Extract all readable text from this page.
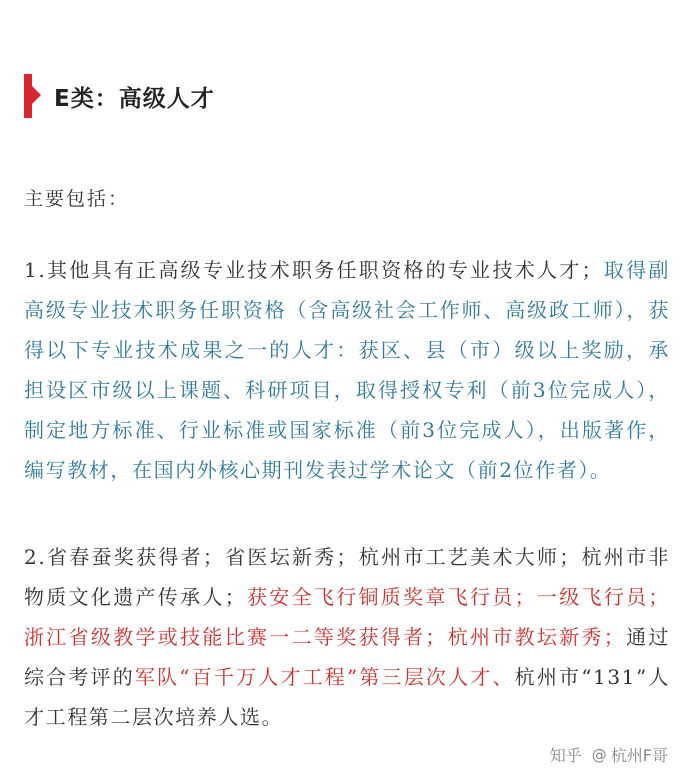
E类：高级人才
主要包括：
1.其他具有正高级专业技术职务任职资格的专业技术人才；取得副高级专业技术职务任职资格（含高级社会工作师、高级政工师），获得以下专业技术成果之一的人才：获区、县（市）级以上奖励，承担设区市级以上课题、科研项目，取得授权专利（前3位完成人），制定地方标准、行业标准或国家标准（前3位完成人），出版著作，编写教材，在国内外核心期刊发表过学术论文（前2位作者）。
2.省春蚕奖获得者；省医坛新秀；杭州市工艺美术大师；杭州市非物质文化遗产传承人；获安全飞行铜质奖章飞行员；一级飞行员；浙江省级教学或技能比赛一二等奖获得者；杭州市教坛新秀；通过综合考评的军队“百千万人才工程”第三层次人才、杭州市“131”人才工程第二层次培养人选。
知乎 @ 杭州F哥
